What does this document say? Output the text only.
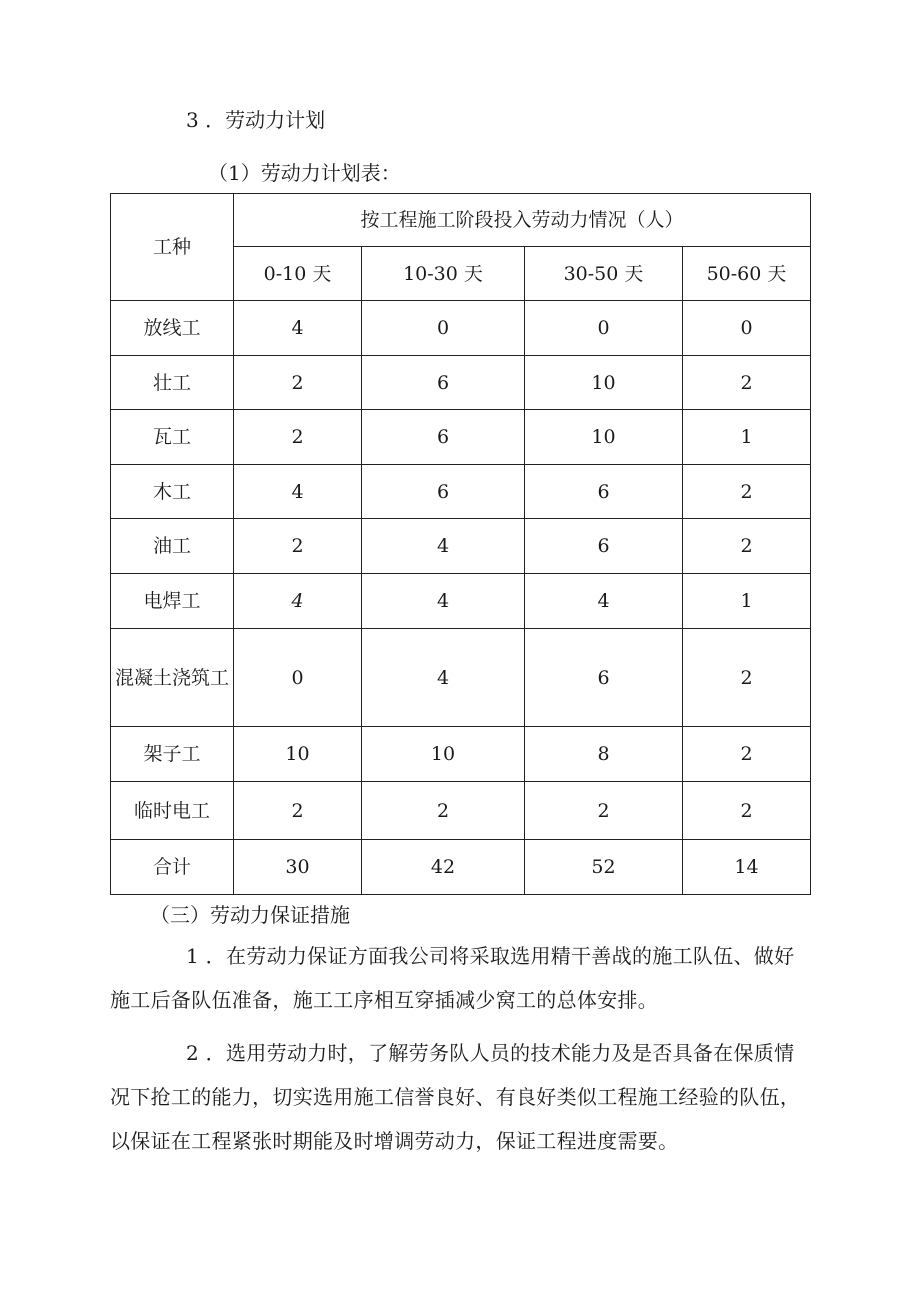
3 ．劳动力计划
（1）劳动力计划表：
工种	按工程施工阶段投入劳动力情况（人）			
	0-10 天	10-30 天	30-50 天	50-60 天
放线工	4	0	0	0
壮工	2	6	10	2
瓦工	2	6	10	1
木工	4	6	6	2
油工	2	4	6	2
电焊工	4	4	4	1
混凝土浇筑工	0	4	6	2
架子工	10	10	8	2
临时电工	2	2	2	2
合计	30	42	52	14
（三）劳动力保证措施
1 ．在劳动力保证方面我公司将采取选用精干善战的施工队伍、做好施工后备队伍准备，施工工序相互穿插减少窝工的总体安排。
2 ．选用劳动力时，了解劳务队人员的技术能力及是否具备在保质情况下抢工的能力，切实选用施工信誉良好、有良好类似工程施工经验的队伍，以保证在工程紧张时期能及时增调劳动力，保证工程进度需要。
